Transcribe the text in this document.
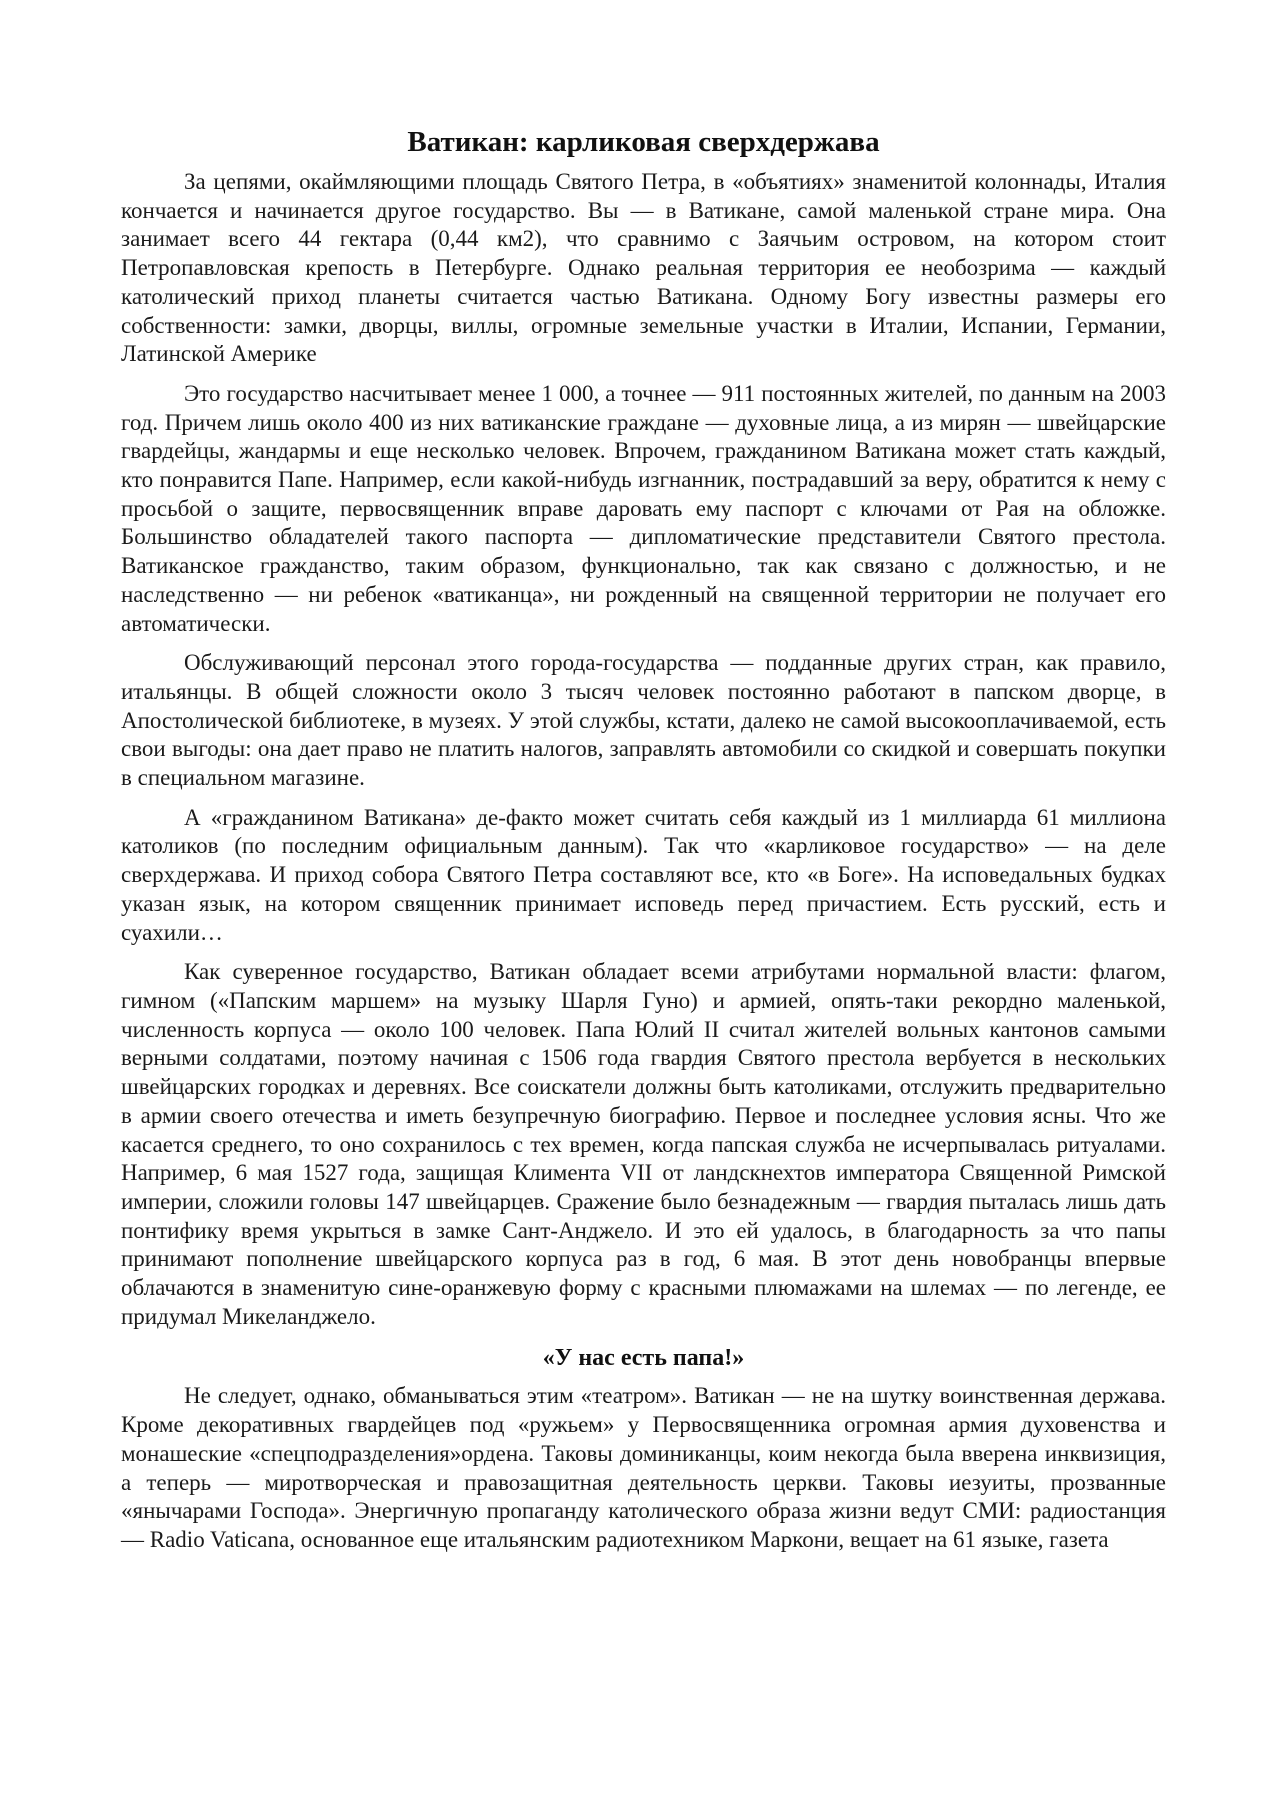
Ватикан: карликовая сверхдержава

За цепями, окаймляющими площадь Святого Петра, в «объятиях» знаменитой колоннады, Италия кончается и начинается другое государство. Вы — в Ватикане, самой маленькой стране мира. Она занимает всего 44 гектара (0,44 км2), что сравнимо с Заячьим островом, на котором стоит Петропавловская крепость в Петербурге. Однако реальная территория ее необозрима — каждый католический приход планеты считается частью Ватикана. Одному Богу известны размеры его собственности: замки, дворцы, виллы, огромные земельные участки в Италии, Испании, Германии, Латинской Америке

Это государство насчитывает менее 1 000, а точнее — 911 постоянных жителей, по данным на 2003 год. Причем лишь около 400 из них ватиканские граждане — духовные лица, а из мирян — швейцарские гвардейцы, жандармы и еще несколько человек. Впрочем, гражданином Ватикана может стать каждый, кто понравится Папе. Например, если какой-нибудь изгнанник, пострадавший за веру, обратится к нему с просьбой о защите, первосвященник вправе даровать ему паспорт с ключами от Рая на обложке. Большинство обладателей такого паспорта — дипломатические представители Святого престола. Ватиканское гражданство, таким образом, функционально, так как связано с должностью, и не наследственно — ни ребенок «ватиканца», ни рожденный на священной территории не получает его автоматически.

Обслуживающий персонал этого города-государства — подданные других стран, как правило, итальянцы. В общей сложности около 3 тысяч человек постоянно работают в папском дворце, в Апостолической библиотеке, в музеях. У этой службы, кстати, далеко не самой высокооплачиваемой, есть свои выгоды: она дает право не платить налогов, заправлять автомобили со скидкой и совершать покупки в специальном магазине.

А «гражданином Ватикана» де-факто может считать себя каждый из 1 миллиарда 61 миллиона католиков (по последним официальным данным). Так что «карликовое государство» — на деле сверхдержава. И приход собора Святого Петра составляют все, кто «в Боге». На исповедальных будках указан язык, на котором священник принимает исповедь перед причастием. Есть русский, есть и суахили…

Как суверенное государство, Ватикан обладает всеми атрибутами нормальной власти: флагом, гимном («Папским маршем» на музыку Шарля Гуно) и армией, опять-таки рекордно маленькой, численность корпуса — около 100 человек. Папа Юлий II считал жителей вольных кантонов самыми верными солдатами, поэтому начиная с 1506 года гвардия Святого престола вербуется в нескольких швейцарских городках и деревнях. Все соискатели должны быть католиками, отслужить предварительно в армии своего отечества и иметь безупречную биографию. Первое и последнее условия ясны. Что же касается среднего, то оно сохранилось с тех времен, когда папская служба не исчерпывалась ритуалами. Например, 6 мая 1527 года, защищая Климента VII от ландскнехтов императора Священной Римской империи, сложили головы 147 швейцарцев. Сражение было безнадежным — гвардия пыталась лишь дать понтифику время укрыться в замке Сант-Анджело. И это ей удалось, в благодарность за что папы принимают пополнение швейцарского корпуса раз в год, 6 мая. В этот день новобранцы впервые облачаются в знаменитую сине-оранжевую форму с красными плюмажами на шлемах — по легенде, ее придумал Микеланджело.

«У нас есть папа!»

Не следует, однако, обманываться этим «театром». Ватикан — не на шутку воинственная держава. Кроме декоративных гвардейцев под «ружьем» у Первосвященника огромная армия духовенства и монашеские «спецподразделения»ордена. Таковы доминиканцы, коим некогда была вверена инквизиция, а теперь — миротворческая и правозащитная деятельность церкви. Таковы иезуиты, прозванные «янычарами Господа». Энергичную пропаганду католического образа жизни ведут СМИ: радиостанция — Radio Vaticana, основанное еще итальянским радиотехником Маркони, вещает на 61 языке, газета
